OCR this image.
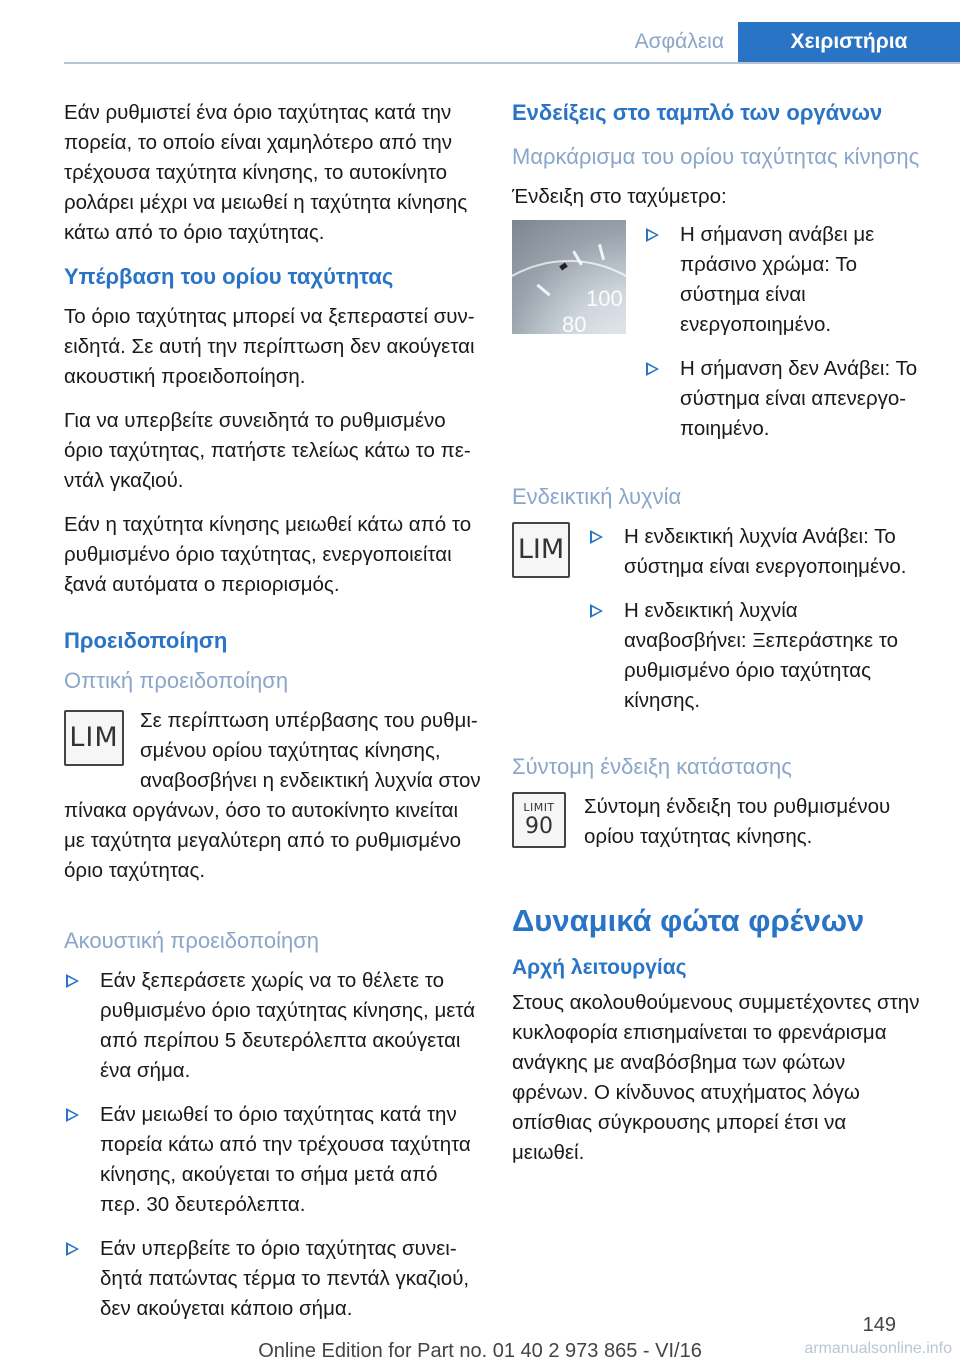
Ασφάλεια	Χειριστήρια

Εάν ρυθμιστεί ένα όριο ταχύτητας κατά την πορεία, το οποίο είναι χαμηλότερο από την τρέχουσα ταχύτητα κίνησης, το αυτοκίνητο ρολάρει μέχρι να μειωθεί η ταχύτητα κίνησης κάτω από το όριο ταχύτητας.

Υπέρβαση του ορίου ταχύτητας

Το όριο ταχύτητας μπορεί να ξεπεραστεί συνειδητά. Σε αυτή την περίπτωση δεν ακούγεται ακουστική προειδοποίηση.

Για να υπερβείτε συνειδητά το ρυθμισμένο όριο ταχύτητας, πατήστε τελείως κάτω το πεντάλ γκαζιού.

Εάν η ταχύτητα κίνησης μειωθεί κάτω από το ρυθμισμένο όριο ταχύτητας, ενεργοποιείται ξανά αυτόματα ο περιορισμός.

Προειδοποίηση
Οπτική προειδοποίηση
LIM

Σε περίπτωση υπέρβασης του ρυθμισμένου ορίου ταχύτητας κίνησης, αναβοσβήνει η ενδεικτική λυχνία στον πίνακα οργάνων, όσο το αυτοκίνητο κινείται με ταχύτητα μεγαλύτερη από το ρυθμισμένο όριο ταχύτητας.

Ακουστική προειδοποίηση
Εάν ξεπεράσετε χωρίς να το θέλετε το ρυθμισμένο όριο ταχύτητας κίνησης, μετά από περίπου 5 δευτερόλεπτα ακούγεται ένα σήμα.
Εάν μειωθεί το όριο ταχύτητας κατά την πορεία κάτω από την τρέχουσα ταχύτητα κίνησης, ακούγεται το σήμα μετά από περ. 30 δευτερόλεπτα.
Εάν υπερβείτε το όριο ταχύτητας συνειδητά πατώντας τέρμα το πεντάλ γκαζιού, δεν ακούγεται κάποιο σήμα.
Ενδείξεις στο ταμπλό των οργάνων
Μαρκάρισμα του ορίου ταχύτητας κίνησης

Ένδειξη στο ταχύμετρο:

100
80
Η σήμανση ανάβει με πράσινο χρώμα: Το σύστημα είναι ενεργοποιημένο.
Η σήμανση δεν Ανάβει: Το σύστημα είναι απενεργοποιημένο.
Ενδεικτική λυχνία
LIM	Η ενδεικτική λυχνία Ανάβει: Το σύστημα είναι ενεργοποιημένο.
Η ενδεικτική λυχνία αναβοσβήνει: Ξεπεράστηκε το ρυθμισμένο όριο ταχύτητας κίνησης.
Σύντομη ένδειξη κατάστασης
LIMIT
90

Σύντομη ένδειξη του ρυθμισμένου ορίου ταχύτητας κίνησης.

Δυναμικά φώτα φρένων
Αρχή λειτουργίας

Στους ακολουθούμενους συμμετέχοντες στην κυκλοφορία επισημαίνεται το φρενάρισμα ανάγκης με αναβόσβημα των φώτων φρένων. Ο κίνδυνος ατυχήματος λόγω οπίσθιας σύγκρουσης μπορεί έτσι να μειωθεί.

149
Online Edition for Part no. 01 40 2 973 865 - VI/16	armanualsonline.info
